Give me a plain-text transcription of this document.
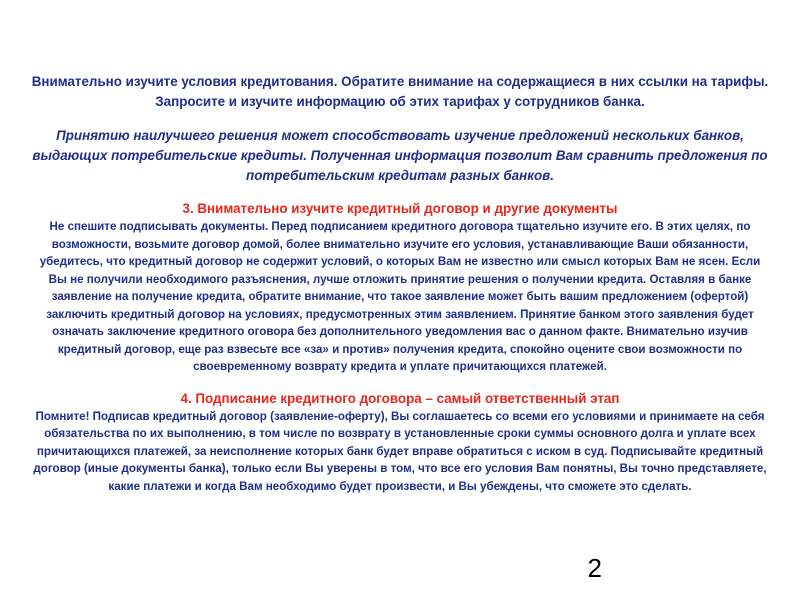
Внимательно изучите условия кредитования. Обратите внимание на содержащиеся в них ссылки на тарифы. Запросите и изучите информацию об этих тарифах у сотрудников банка.

Принятию наилучшего решения может способствовать изучение предложений нескольких банков, выдающих потребительские кредиты. Полученная информация позволит Вам сравнить предложения по потребительским кредитам разных банков.

3. Внимательно изучите кредитный договор и другие документы

Не спешите подписывать документы. Перед подписанием кредитного договора тщательно изучите его. В этих целях, по возможности, возьмите договор домой, более внимательно изучите его условия, устанавливающие Ваши обязанности, убедитесь, что кредитный договор не содержит условий, о которых Вам не известно или смысл которых Вам не ясен. Если Вы не получили необходимого разъяснения, лучше отложить принятие решения о получении кредита. Оставляя в банке заявление на получение кредита, обратите внимание, что такое заявление может быть вашим предложением (офертой) заключить кредитный договор на условиях, предусмотренных этим заявлением. Принятие банком этого заявления будет означать заключение кредитного оговора без дополнительного уведомления вас о данном факте. Внимательно изучив кредитный договор, еще раз взвесьте все «за» и против» получения кредита, спокойно оцените свои возможности по своевременному возврату кредита и уплате причитающихся платежей.

4. Подписание кредитного договора – самый ответственный этап

Помните! Подписав кредитный договор (заявление-оферту), Вы соглашаетесь со всеми его условиями и принимаете на себя обязательства по их выполнению, в том числе по возврату в установленные сроки суммы основного долга и уплате всех причитающихся платежей, за неисполнение которых банк будет вправе обратиться с иском в суд. Подписывайте кредитный договор (иные документы банка), только если Вы уверены в том, что все его условия Вам понятны, Вы точно представляете, какие платежи и когда Вам необходимо будет произвести, и Вы убеждены, что сможете это сделать.

2
